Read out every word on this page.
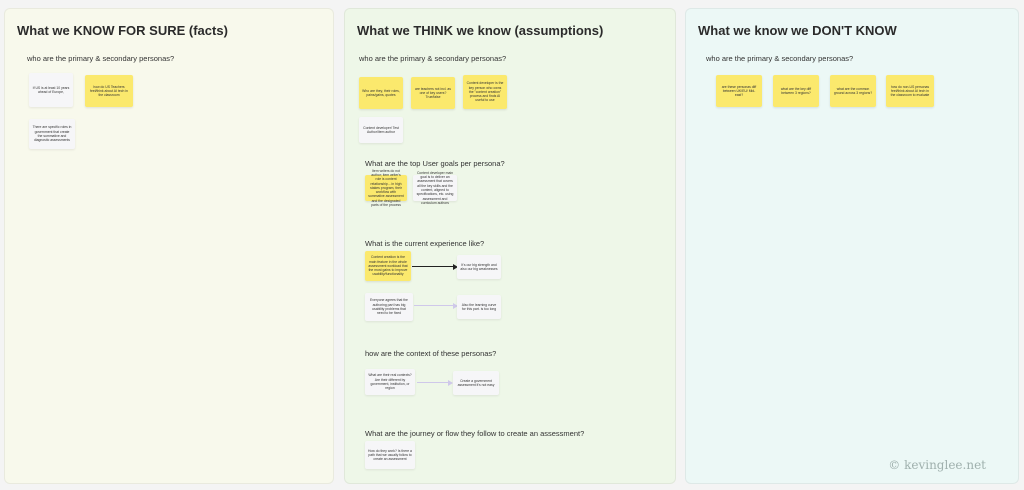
What we KNOW FOR SURE (facts)

who are the primary & secondary personas?

If US is at least 10 years ahead of Europe,
how do US Teachers feel/think about AI tech in the classroom
There are specific roles in government that create the summative and diagnostic assessments
What we THINK we know (assumptions)

who are the primary & secondary personas?

Who are they, their roles, pains/gains, quotes
are teachers not incl. as one of key users? True/false
Content developer is the key person who owns the "content creation" process and finds AI useful to use
Content developer/ Test Author/Item author

What are the top User goals per persona?

Item writers do not author; item writer's role is content relationship... in high stakes program, their workflow with summative assessment and the designated parts of the process
Content developer main goal is to deliver an assessment that covers all the key skills and the content, aligned to specifications, etc. using assessment and curriculum authors

What is the current experience like?

Content creation is the main feature in the whole assessment workload that the most gains to improve usability/functionality
It's our big strength and also our big weaknesses
Everyone agrees that the authoring part has big usability problems that need to be fixed
Also the learning curve for this part. is too long

how are the context of these personas?

What are their real contexts? Are their different by government, institution, or region
Create a government assessment it's not easy

What are the journey or flow they follow to create an assessment?

How do they work? Is there a path that we usually follow to create an assessment
What we know we DON'T KNOW

who are the primary & secondary personas?

are these personas diff between UK/EU/ Mid-east?
what are the key diff between 3 regions?
what are the common ground across 3 regions?
how do non-US personas feel/think about AI tech in the classroom to evaluate
© kevinglee.net
